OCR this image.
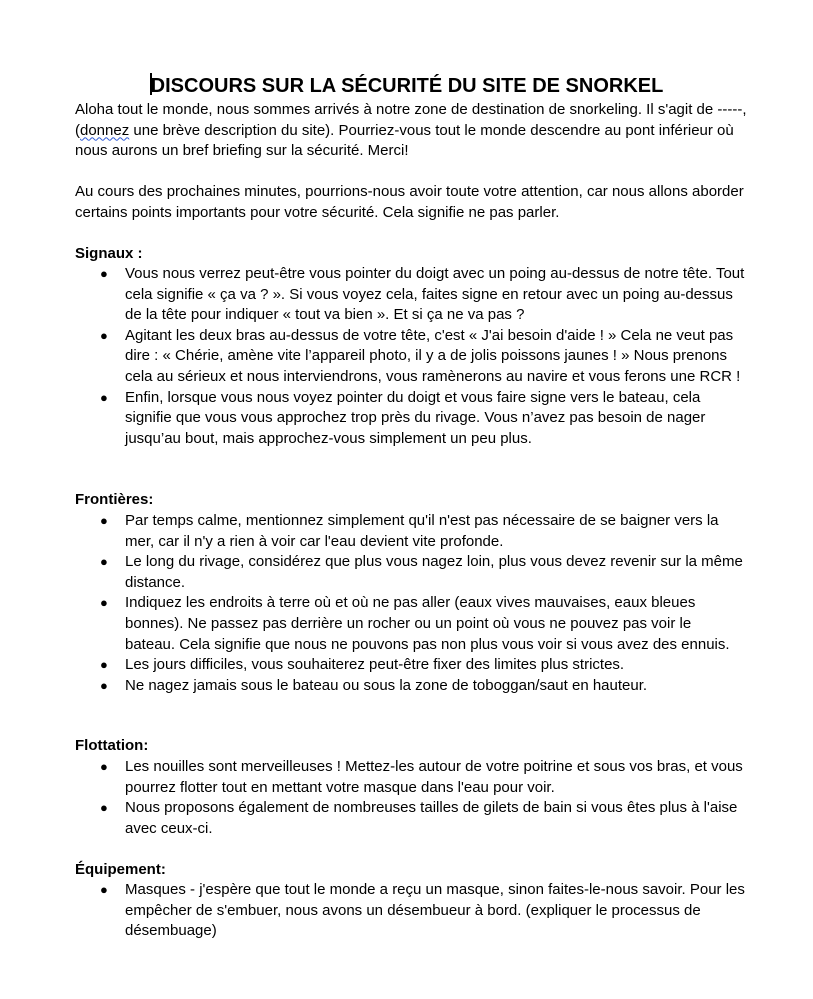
DISCOURS SUR LA SÉCURITÉ DU SITE DE SNORKEL
Aloha tout le monde, nous sommes arrivés à notre zone de destination de snorkeling. Il s'agit de -----, (donnez une brève description du site). Pourriez-vous tout le monde descendre au pont inférieur où nous aurons un bref briefing sur la sécurité. Merci!
Au cours des prochaines minutes, pourrions-nous avoir toute votre attention, car nous allons aborder certains points importants pour votre sécurité. Cela signifie ne pas parler.
Signaux :
● Vous nous verrez peut-être vous pointer du doigt avec un poing au-dessus de notre tête. Tout cela signifie « ça va ? ». Si vous voyez cela, faites signe en retour avec un poing au-dessus de la tête pour indiquer « tout va bien ». Et si ça ne va pas ?
● Agitant les deux bras au-dessus de votre tête, c'est « J'ai besoin d'aide ! » Cela ne veut pas dire : « Chérie, amène vite l’appareil photo, il y a de jolis poissons jaunes ! » Nous prenons cela au sérieux et nous interviendrons, vous ramènerons au navire et vous ferons une RCR !
● Enfin, lorsque vous nous voyez pointer du doigt et vous faire signe vers le bateau, cela signifie que vous vous approchez trop près du rivage. Vous n’avez pas besoin de nager jusqu’au bout, mais approchez-vous simplement un peu plus.
Frontières:
● Par temps calme, mentionnez simplement qu'il n'est pas nécessaire de se baigner vers la mer, car il n'y a rien à voir car l'eau devient vite profonde.
● Le long du rivage, considérez que plus vous nagez loin, plus vous devez revenir sur la même distance.
● Indiquez les endroits à terre où et où ne pas aller (eaux vives mauvaises, eaux bleues bonnes). Ne passez pas derrière un rocher ou un point où vous ne pouvez pas voir le bateau. Cela signifie que nous ne pouvons pas non plus vous voir si vous avez des ennuis.
● Les jours difficiles, vous souhaiterez peut-être fixer des limites plus strictes.
● Ne nagez jamais sous le bateau ou sous la zone de toboggan/saut en hauteur.
Flottation:
● Les nouilles sont merveilleuses ! Mettez-les autour de votre poitrine et sous vos bras, et vous pourrez flotter tout en mettant votre masque dans l'eau pour voir.
● Nous proposons également de nombreuses tailles de gilets de bain si vous êtes plus à l'aise avec ceux-ci.
Équipement:
● Masques - j'espère que tout le monde a reçu un masque, sinon faites-le-nous savoir. Pour les empêcher de s'embuer, nous avons un désembueur à bord. (expliquer le processus de désembuage)
